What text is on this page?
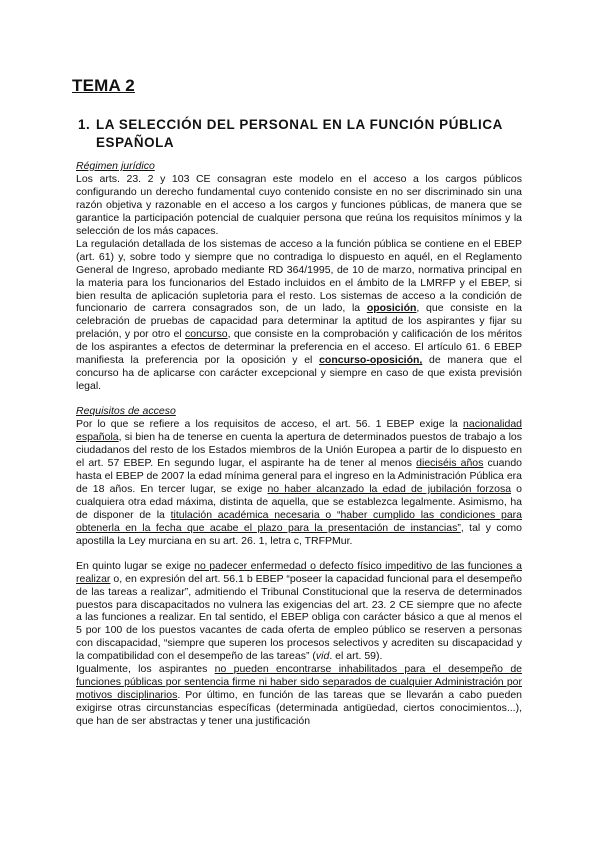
TEMA 2
1. LA SELECCIÓN DEL PERSONAL EN LA FUNCIÓN PÚBLICA ESPAÑOLA

Régimen jurídico

Los arts. 23. 2 y 103 CE consagran este modelo en el acceso a los cargos públicos configurando un derecho fundamental cuyo contenido consiste en no ser discriminado sin una razón objetiva y razonable en el acceso a los cargos y funciones públicas, de manera que se garantice la participación potencial de cualquier persona que reúna los requisitos mínimos y la selección de los más capaces.

La regulación detallada de los sistemas de acceso a la función pública se contiene en el EBEP (art. 61) y, sobre todo y siempre que no contradiga lo dispuesto en aquél, en el Reglamento General de Ingreso, aprobado mediante RD 364/1995, de 10 de marzo, normativa principal en la materia para los funcionarios del Estado incluidos en el ámbito de la LMRFP y el EBEP, si bien resulta de aplicación supletoria para el resto. Los sistemas de acceso a la condición de funcionario de carrera consagrados son, de un lado, la oposición, que consiste en la celebración de pruebas de capacidad para determinar la aptitud de los aspirantes y fijar su prelación, y por otro el concurso, que consiste en la comprobación y calificación de los méritos de los aspirantes a efectos de determinar la preferencia en el acceso. El artículo 61. 6 EBEP manifiesta la preferencia por la oposición y el concurso-oposición, de manera que el concurso ha de aplicarse con carácter excepcional y siempre en caso de que exista previsión legal.

Requisitos de acceso

Por lo que se refiere a los requisitos de acceso, el art. 56. 1 EBEP exige la nacionalidad española, si bien ha de tenerse en cuenta la apertura de determinados puestos de trabajo a los ciudadanos del resto de los Estados miembros de la Unión Europea a partir de lo dispuesto en el art. 57 EBEP. En segundo lugar, el aspirante ha de tener al menos dieciséis años cuando hasta el EBEP de 2007 la edad mínima general para el ingreso en la Administración Pública era de 18 años. En tercer lugar, se exige no haber alcanzado la edad de jubilación forzosa o cualquiera otra edad máxima, distinta de aquella, que se establezca legalmente. Asimismo, ha de disponer de la titulación académica necesaria o “haber cumplido las condiciones para obtenerla en la fecha que acabe el plazo para la presentación de instancias”, tal y como apostilla la Ley murciana en su art. 26. 1, letra c, TRFPMur.

En quinto lugar se exige no padecer enfermedad o defecto físico impeditivo de las funciones a realizar o, en expresión del art. 56.1 b EBEP “poseer la capacidad funcional para el desempeño de las tareas a realizar”, admitiendo el Tribunal Constitucional que la reserva de determinados puestos para discapacitados no vulnera las exigencias del art. 23. 2 CE siempre que no afecte a las funciones a realizar. En tal sentido, el EBEP obliga con carácter básico a que al menos el 5 por 100 de los puestos vacantes de cada oferta de empleo público se reserven a personas con discapacidad, “siempre que superen los procesos selectivos y acrediten su discapacidad y la compatibilidad con el desempeño de las tareas” (vid. el art. 59).

Igualmente, los aspirantes no pueden encontrarse inhabilitados para el desempeño de funciones públicas por sentencia firme ni haber sido separados de cualquier Administración por motivos disciplinarios. Por último, en función de las tareas que se llevarán a cabo pueden exigirse otras circunstancias específicas (determinada antigüedad, ciertos conocimientos...), que han de ser abstractas y tener una justificación
